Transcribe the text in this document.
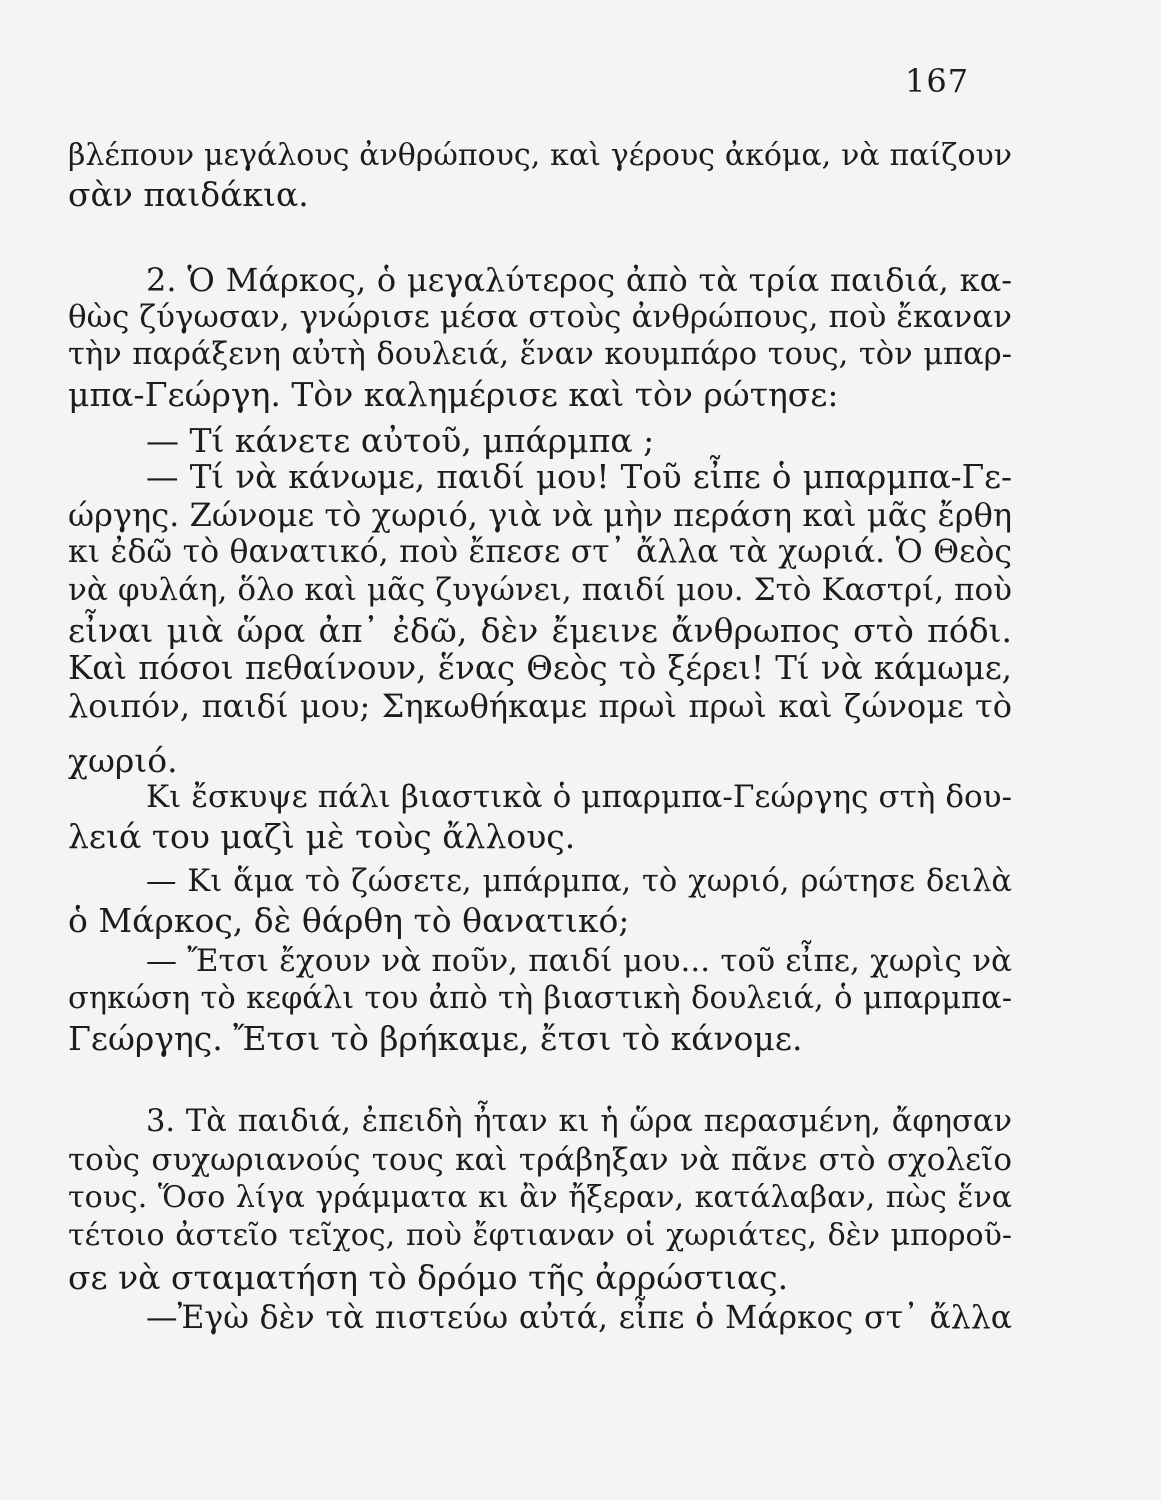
167
βλέπουν μεγάλους ἀνθρώπους, καὶ γέρους ἀκόμα, νὰ παίζουν
σὰν παιδάκια.
2. Ὁ Μάρκος, ὁ μεγαλύτερος ἀπὸ τὰ τρία παιδιά, κα-
θὼς ζύγωσαν, γνώρισε μέσα στοὺς ἀνθρώπους, ποὺ ἔκαναν
τὴν παράξενη αὐτὴ δουλειά, ἕναν κουμπάρο τους, τὸν μπαρ-
μπα-Γεώργη. Τὸν καλημέρισε καὶ τὸν ρώτησε:
— Τί κάνετε αὐτοῦ, μπάρμπα ;
— Τί νὰ κάνωμε, παιδί μου! Τοῦ εἶπε ὁ μπαρμπα-Γε-
ώργης. Ζώνομε τὸ χωριό, γιὰ νὰ μὴν περάση καὶ μᾶς ἔρθη
κι ἐδῶ τὸ θανατικό, ποὺ ἔπεσε στ᾽ ἄλλα τὰ χωριά. Ὁ Θεὸς
νὰ φυλάη, ὅλο καὶ μᾶς ζυγώνει, παιδί μου. Στὸ Καστρί, ποὺ
εἶναι μιὰ ὥρα ἀπ᾽ ἐδῶ, δὲν ἔμεινε ἄνθρωπος στὸ πόδι.
Καὶ πόσοι πεθαίνουν, ἕνας Θεὸς τὸ ξέρει! Τί νὰ κάμωμε,
λοιπόν, παιδί μου; Σηκωθήκαμε πρωὶ πρωὶ καὶ ζώνομε τὸ
χωριό.
Κι ἔσκυψε πάλι βιαστικὰ ὁ μπαρμπα-Γεώργης στὴ δου-
λειά του μαζὶ μὲ τοὺς ἄλλους.
— Κι ἅμα τὸ ζώσετε, μπάρμπα, τὸ χωριό, ρώτησε δειλὰ
ὁ Μάρκος, δὲ θάρθη τὸ θανατικό;
— Ἔτσι ἔχουν νὰ ποῦν, παιδί μου... τοῦ εἶπε, χωρὶς νὰ
σηκώση τὸ κεφάλι του ἀπὸ τὴ βιαστικὴ δουλειά, ὁ μπαρμπα-
Γεώργης. Ἔτσι τὸ βρήκαμε, ἔτσι τὸ κάνομε.
3. Τὰ παιδιά, ἐπειδὴ ἦταν κι ἡ ὥρα περασμένη, ἄφησαν
τοὺς συχωριανούς τους καὶ τράβηξαν νὰ πᾶνε στὸ σχολεῖο
τους. Ὅσο λίγα γράμματα κι ἂν ἤξεραν, κατάλαβαν, πὼς ἕνα
τέτοιο ἀστεῖο τεῖχος, ποὺ ἔφτιαναν οἱ χωριάτες, δὲν μποροῦ-
σε νὰ σταματήση τὸ δρόμο τῆς ἀρρώστιας.
—Ἐγὼ δὲν τὰ πιστεύω αὐτά, εἶπε ὁ Μάρκος στ᾽ ἄλλα
